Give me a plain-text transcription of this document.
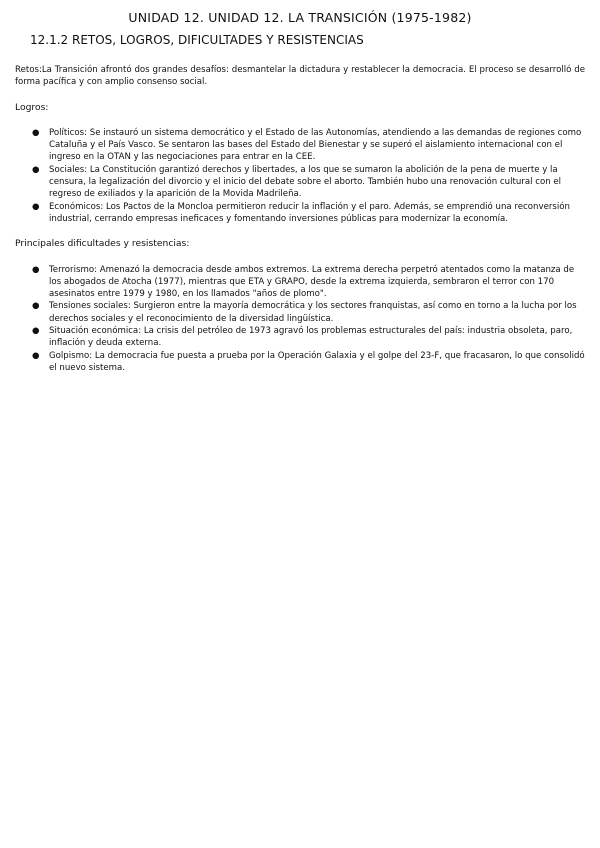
UNIDAD 12. UNIDAD 12. LA TRANSICIÓN (1975-1982)
12.1.2 RETOS, LOGROS, DIFICULTADES Y RESISTENCIAS

Retos:La Transición afrontó dos grandes desafíos: desmantelar la dictadura y restablecer la democracia. El proceso se desarrolló de forma pacífica y con amplio consenso social.

Logros:

● Políticos: Se instauró un sistema democrático y el Estado de las Autonomías, atendiendo a las demandas de regiones como Cataluña y el País Vasco. Se sentaron las bases del Estado del Bienestar y se superó el aislamiento internacional con el ingreso en la OTAN y las negociaciones para entrar en la CEE.
● Sociales: La Constitución garantizó derechos y libertades, a los que se sumaron la abolición de la pena de muerte y la censura, la legalización del divorcio y el inicio del debate sobre el aborto. También hubo una renovación cultural con el regreso de exiliados y la aparición de la Movida Madrileña.
● Económicos: Los Pactos de la Moncloa permitieron reducir la inflación y el paro. Además, se emprendió una reconversión industrial, cerrando empresas ineficaces y fomentando inversiones públicas para modernizar la economía.

Principales dificultades y resistencias:

● Terrorismo: Amenazó la democracia desde ambos extremos. La extrema derecha perpetró atentados como la matanza de los abogados de Atocha (1977), mientras que ETA y GRAPO, desde la extrema izquierda, sembraron el terror con 170 asesinatos entre 1979 y 1980, en los llamados "años de plomo".
● Tensiones sociales: Surgieron entre la mayoría democrática y los sectores franquistas, así como en torno a la lucha por los derechos sociales y el reconocimiento de la diversidad lingüística.
● Situación económica: La crisis del petróleo de 1973 agravó los problemas estructurales del país: industria obsoleta, paro, inflación y deuda externa.
● Golpismo: La democracia fue puesta a prueba por la Operación Galaxia y el golpe del 23-F, que fracasaron, lo que consolidó el nuevo sistema.
